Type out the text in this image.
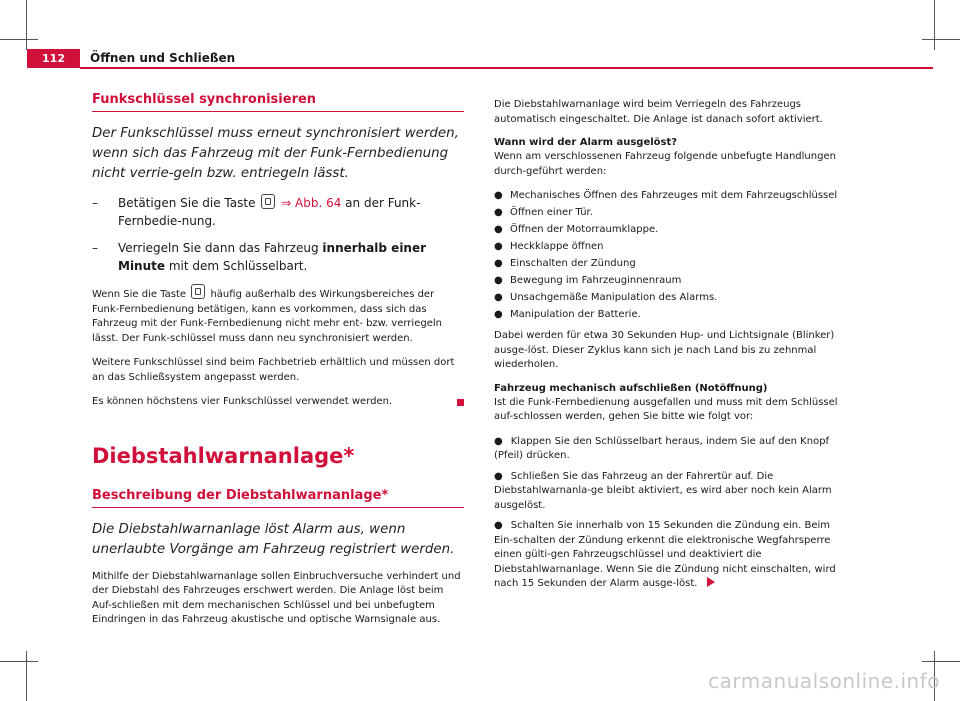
112	Öffnen und Schließen
Funkschlüssel synchronisieren

Der Funkschlüssel muss erneut synchronisiert werden, wenn sich das Fahrzeug mit der Funk-Fernbedienung nicht verrie-geln bzw. entriegeln lässt.

– Betätigen Sie die Taste ⇒ Abb. 64 an der Funk-Fernbedie-nung.
– Verriegeln Sie dann das Fahrzeug innerhalb einer Minute mit dem Schlüsselbart.

Wenn Sie die Taste häufig außerhalb des Wirkungsbereiches der Funk-Fernbedienung betätigen, kann es vorkommen, dass sich das Fahrzeug mit der Funk-Fernbedienung nicht mehr ent- bzw. verriegeln lässt. Der Funk-schlüssel muss dann neu synchronisiert werden.

Weitere Funkschlüssel sind beim Fachbetrieb erhältlich und müssen dort an das Schließsystem angepasst werden.

Es können höchstens vier Funkschlüssel verwendet werden.

Diebstahlwarnanlage*
Beschreibung der Diebstahlwarnanlage*

Die Diebstahlwarnanlage löst Alarm aus, wenn unerlaubte Vorgänge am Fahrzeug registriert werden.

Mithilfe der Diebstahlwarnanlage sollen Einbruchversuche verhindert und der Diebstahl des Fahrzeuges erschwert werden. Die Anlage löst beim Auf-schließen mit dem mechanischen Schlüssel und bei unbefugtem Eindringen in das Fahrzeug akustische und optische Warnsignale aus.

Die Diebstahlwarnanlage wird beim Verriegeln des Fahrzeugs automatisch eingeschaltet. Die Anlage ist danach sofort aktiviert.

Wann wird der Alarm ausgelöst?

Wenn am verschlossenen Fahrzeug folgende unbefugte Handlungen durch-geführt werden:

● Mechanisches Öffnen des Fahrzeuges mit dem Fahrzeugschlüssel
● Öffnen einer Tür.
● Öffnen der Motorraumklappe.
● Heckklappe öffnen
● Einschalten der Zündung
● Bewegung im Fahrzeuginnenraum
● Unsachgemäße Manipulation des Alarms.
● Manipulation der Batterie.

Dabei werden für etwa 30 Sekunden Hup- und Lichtsignale (Blinker) ausge-löst. Dieser Zyklus kann sich je nach Land bis zu zehnmal wiederholen.

Fahrzeug mechanisch aufschließen (Notöffnung)

Ist die Funk-Fernbedienung ausgefallen und muss mit dem Schlüssel auf-schlossen werden, gehen Sie bitte wie folgt vor:

● Klappen Sie den Schlüsselbart heraus, indem Sie auf den Knopf (Pfeil) drücken.

● Schließen Sie das Fahrzeug an der Fahrertür auf. Die Diebstahlwarnanla-ge bleibt aktiviert, es wird aber noch kein Alarm ausgelöst.

● Schalten Sie innerhalb von 15 Sekunden die Zündung ein. Beim Ein-schalten der Zündung erkennt die elektronische Wegfahrsperre einen gülti-gen Fahrzeugschlüssel und deaktiviert die Diebstahlwarnanlage. Wenn Sie die Zündung nicht einschalten, wird nach 15 Sekunden der Alarm ausge-löst.

carmanualsonline.info
